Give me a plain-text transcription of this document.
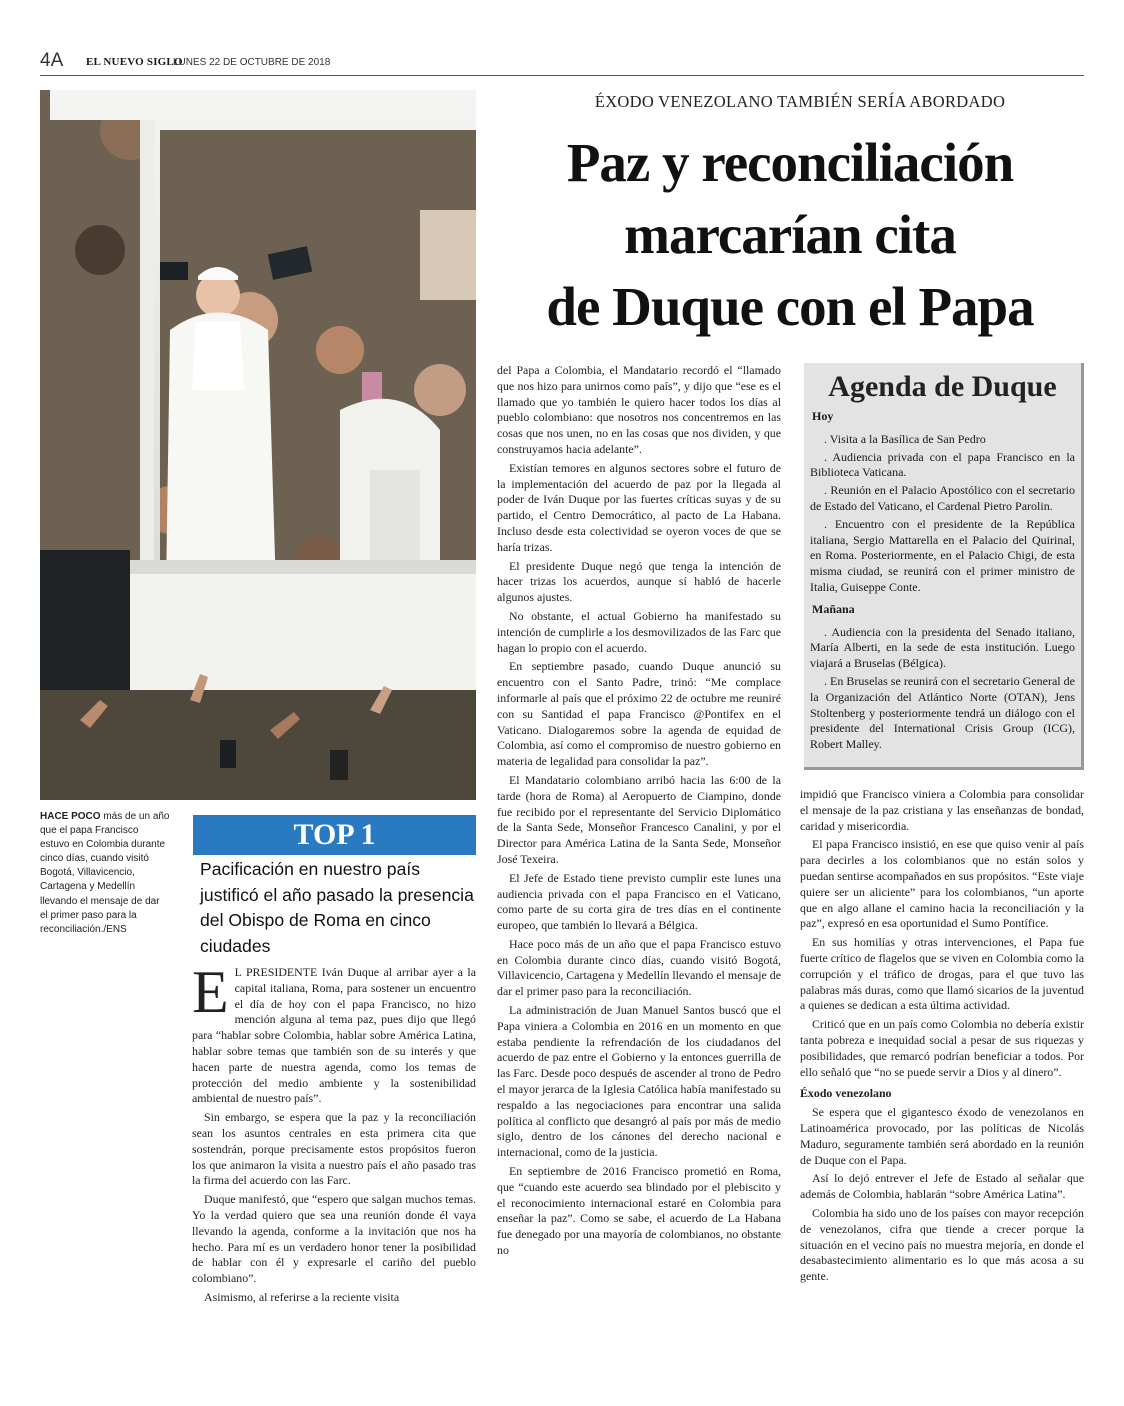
4A EL NUEVO SIGLO
LUNES 22 DE OCTUBRE DE 2018
HACE POCO más de un año que el papa Francisco estuvo en Colombia durante cinco días, cuando visitó Bogotá, Villavicencio, Cartagena y Medellín llevando el mensaje de dar el primer paso para la reconciliación./ENS
TOP 1
Pacificación en nuestro país justificó el año pasado la presencia del Obispo de Roma en cinco ciudades
ÉXODO VENEZOLANO TAMBIÉN SERÍA ABORDADO
Paz y reconciliación
marcarían cita
de Duque con el Papa

E L PRESIDENTE Iván Duque al arribar ayer a la capital italiana, Roma, para sostener un encuentro el día de hoy con el papa Francisco, no hizo mención alguna al tema paz, pues dijo que llegó para “hablar sobre Colombia, hablar sobre América Latina, hablar sobre temas que también son de su interés y que hacen parte de nuestra agenda, como los temas de protección del medio ambiente y la sostenibilidad ambiental de nuestro país”.

Sin embargo, se espera que la paz y la reconciliación sean los asuntos centrales en esta primera cita que sostendrán, porque precisamente estos propósitos fueron los que animaron la visita a nuestro país el año pasado tras la firma del acuerdo con las Farc.

Duque manifestó, que “espero que salgan muchos temas. Yo la verdad quiero que sea una reunión donde él vaya llevando la agenda, conforme a la invitación que nos ha hecho. Para mí es un verdadero honor tener la posibilidad de hablar con él y expresarle el cariño del pueblo colombiano”.

Asimismo, al referirse a la reciente visita

del Papa a Colombia, el Mandatario recordó el “llamado que nos hizo para unirnos como país”, y dijo que “ese es el llamado que yo también le quiero hacer todos los días al pueblo colombiano: que nosotros nos concentremos en las cosas que nos unen, no en las cosas que nos dividen, y que construyamos hacia adelante”.

Existían temores en algunos sectores sobre el futuro de la implementación del acuerdo de paz por la llegada al poder de Iván Duque por las fuertes críticas suyas y de su partido, el Centro Democrático, al pacto de La Habana. Incluso desde esta colectividad se oyeron voces de que se haría trizas.

El presidente Duque negó que tenga la intención de hacer trizas los acuerdos, aunque sí habló de hacerle algunos ajustes.

No obstante, el actual Gobierno ha manifestado su intención de cumplirle a los desmovilizados de las Farc que hagan lo propio con el acuerdo.

En septiembre pasado, cuando Duque anunció su encuentro con el Santo Padre, trinó: “Me complace informarle al país que el próximo 22 de octubre me reuniré con su Santidad el papa Francisco @Pontifex en el Vaticano. Dialogaremos sobre la agenda de equidad de Colombia, así como el compromiso de nuestro gobierno en materia de legalidad para consolidar la paz”.

El Mandatario colombiano arribó hacia las 6:00 de la tarde (hora de Roma) al Aeropuerto de Ciampino, donde fue recibido por el representante del Servicio Diplomático de la Santa Sede, Monseñor Francesco Canalini, y por el Director para América Latina de la Santa Sede, Monseñor José Texeira.

El Jefe de Estado tiene previsto cumplir este lunes una audiencia privada con el papa Francisco en el Vaticano, como parte de su corta gira de tres días en el continente europeo, que también lo llevará a Bélgica.

Hace poco más de un año que el papa Francisco estuvo en Colombia durante cinco días, cuando visitó Bogotá, Villavicencio, Cartagena y Medellín llevando el mensaje de dar el primer paso para la reconciliación.

La administración de Juan Manuel Santos buscó que el Papa viniera a Colombia en 2016 en un momento en que estaba pendiente la refrendación de los ciudadanos del acuerdo de paz entre el Gobierno y la entonces guerrilla de las Farc. Desde poco después de ascender al trono de Pedro el mayor jerarca de la Iglesia Católica había manifestado su respaldo a las negociaciones para encontrar una salida política al conflicto que desangró al país por más de medio siglo, dentro de los cánones del derecho nacional e internacional, como de la justicia.

En septiembre de 2016 Francisco prometió en Roma, que “cuando este acuerdo sea blindado por el plebiscito y el reconocimiento internacional estaré en Colombia para enseñar la paz”. Como se sabe, el acuerdo de La Habana fue denegado por una mayoría de colombianos, no obstante no

Agenda de Duque
Hoy
. Visita a la Basílica de San Pedro
. Audiencia privada con el papa Francisco en la Biblioteca Vaticana.
. Reunión en el Palacio Apostólico con el secretario de Estado del Vaticano, el Cardenal Pietro Parolin.
. Encuentro con el presidente de la República italiana, Sergio Mattarella en el Palacio del Quirinal, en Roma. Posteriormente, en el Palacio Chigi, de esta misma ciudad, se reunirá con el primer ministro de Italia, Guiseppe Conte.
Mañana
. Audiencia con la presidenta del Senado italiano, María Alberti, en la sede de esta institución. Luego viajará a Bruselas (Bélgica).
. En Bruselas se reunirá con el secretario General de la Organización del Atlántico Norte (OTAN), Jens Stoltenberg y posteriormente tendrá un diálogo con el presidente del International Crisis Group (ICG), Robert Malley.

impidió que Francisco viniera a Colombia para consolidar el mensaje de la paz cristiana y las enseñanzas de bondad, caridad y misericordia.

El papa Francisco insistió, en ese que quiso venir al país para decirles a los colombianos que no están solos y puedan sentirse acompañados en sus propósitos. “Este viaje quiere ser un aliciente” para los colombianos, “un aporte que en algo allane el camino hacia la reconciliación y la paz”, expresó en esa oportunidad el Sumo Pontífice.

En sus homilías y otras intervenciones, el Papa fue fuerte crítico de flagelos que se viven en Colombia como la corrupción y el tráfico de drogas, para el que tuvo las palabras más duras, como que llamó sicarios de la juventud a quienes se dedican a esta última actividad.

Criticó que en un país como Colombia no debería existir tanta pobreza e inequidad social a pesar de sus riquezas y posibilidades, que remarcó podrían beneficiar a todos. Por ello señaló que “no se puede servir a Dios y al dinero”.

Éxodo venezolano

Se espera que el gigantesco éxodo de venezolanos en Latinoamérica provocado, por las políticas de Nicolás Maduro, seguramente también será abordado en la reunión de Duque con el Papa.

Así lo dejó entrever el Jefe de Estado al señalar que además de Colombia, hablarán “sobre América Latina”.

Colombia ha sido uno de los países con mayor recepción de venezolanos, cifra que tiende a crecer porque la situación en el vecino país no muestra mejoría, en donde el desabastecimiento alimentario es lo que más acosa a su gente.
